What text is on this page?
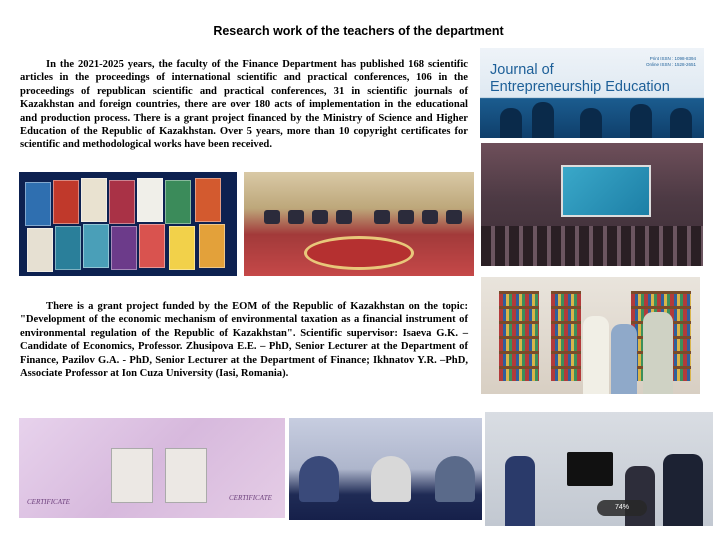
Research work of the teachers of the department

In the 2021-2025 years, the faculty of the Finance Department has published 168 scientific articles in the proceedings of international scientific and practical conferences, 106 in the proceedings of republican scientific and practical conferences, 31 in scientific journals of Kazakhstan and foreign countries, there are over 180 acts of implementation in the educational and production process. There is a grant project financed by the Ministry of Science and Higher Education of the Republic of Kazakhstan. Over 5 years, more than 10 copyright certificates for scientific and methodological works have been received.

Journal of
Entrepreneurship Education
Print ISSN : 1098-8394
Online ISSN : 1528-2651

There is a grant project funded by the EOM of the Republic of Kazakhstan on the topic: "Development of the economic mechanism of environmental taxation as a financial instrument of environmental regulation of the Republic of Kazakhstan". Scientific supervisor: Isaeva G.K. – Candidate of Economics, Professor. Zhusipova E.E. – PhD, Senior Lecturer at the Department of Finance, Pazilov G.A. - PhD, Senior Lecturer at the Department of Finance; Ikhnatov Y.R. –PhD, Associate Professor at Ion Cuza University (Iasi, Romania).

CERTIFICATE	CERTIFICATE
74%
